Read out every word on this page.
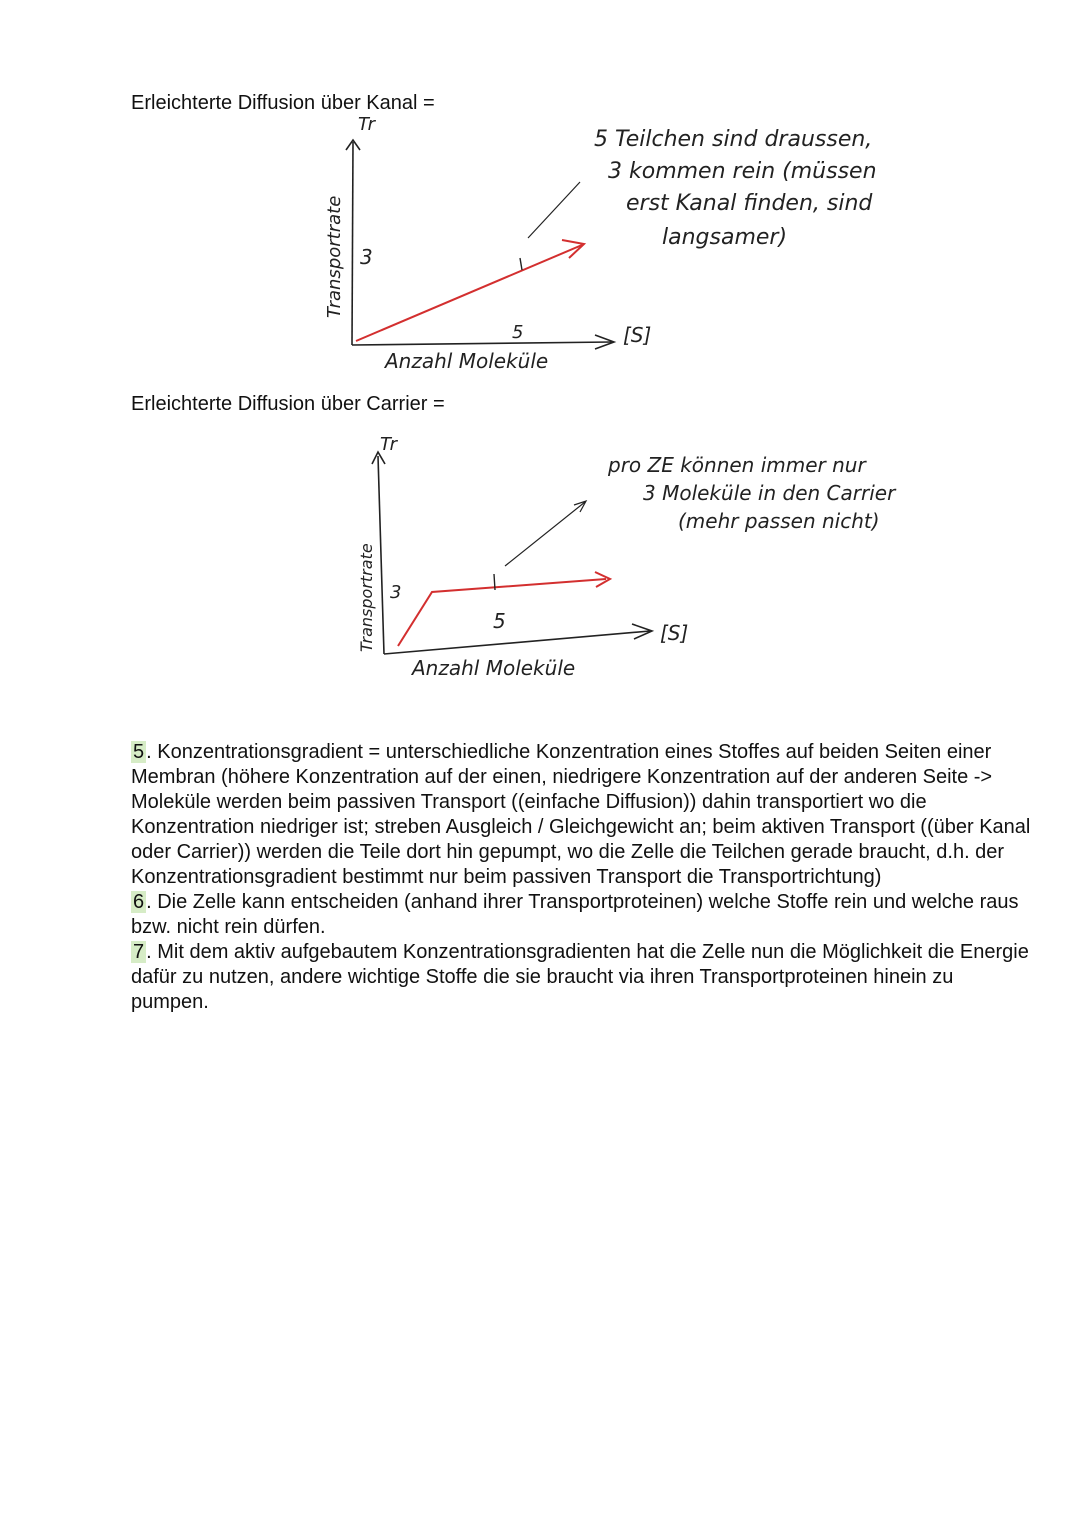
Erleichterte Diffusion über Kanal =
Erleichterte Diffusion über Carrier =
Tr
Transportrate 3
5
Anzahl Moleküle
[S]
5 Teilchen sind draussen,
3 kommen rein (müssen
erst Kanal finden, sind
langsamer)
Tr
Transportrate 3
5
Anzahl Moleküle
[S]
pro ZE können immer nur
3 Moleküle in den Carrier
(mehr passen nicht)

5 . Konzentrationsgradient = unterschiedliche Konzentration eines Stoffes auf beiden Seiten einer Membran (höhere Konzentration auf der einen, niedrigere Konzentration auf der anderen Seite -> Moleküle werden beim passiven Transport ((einfache Diffusion)) dahin transportiert wo die Konzentration niedriger ist; streben Ausgleich / Gleichgewicht an; beim aktiven Transport ((über Kanal oder Carrier)) werden die Teile dort hin gepumpt, wo die Zelle die Teilchen gerade braucht, d.h. der Konzentrationsgradient bestimmt nur beim passiven Transport die Transportrichtung)

6 . Die Zelle kann entscheiden (anhand ihrer Transportproteinen) welche Stoffe rein und welche raus bzw. nicht rein dürfen.

7 . Mit dem aktiv aufgebautem Konzentrationsgradienten hat die Zelle nun die Möglichkeit die Energie dafür zu nutzen, andere wichtige Stoffe die sie braucht via ihren Transportproteinen hinein zu pumpen.
